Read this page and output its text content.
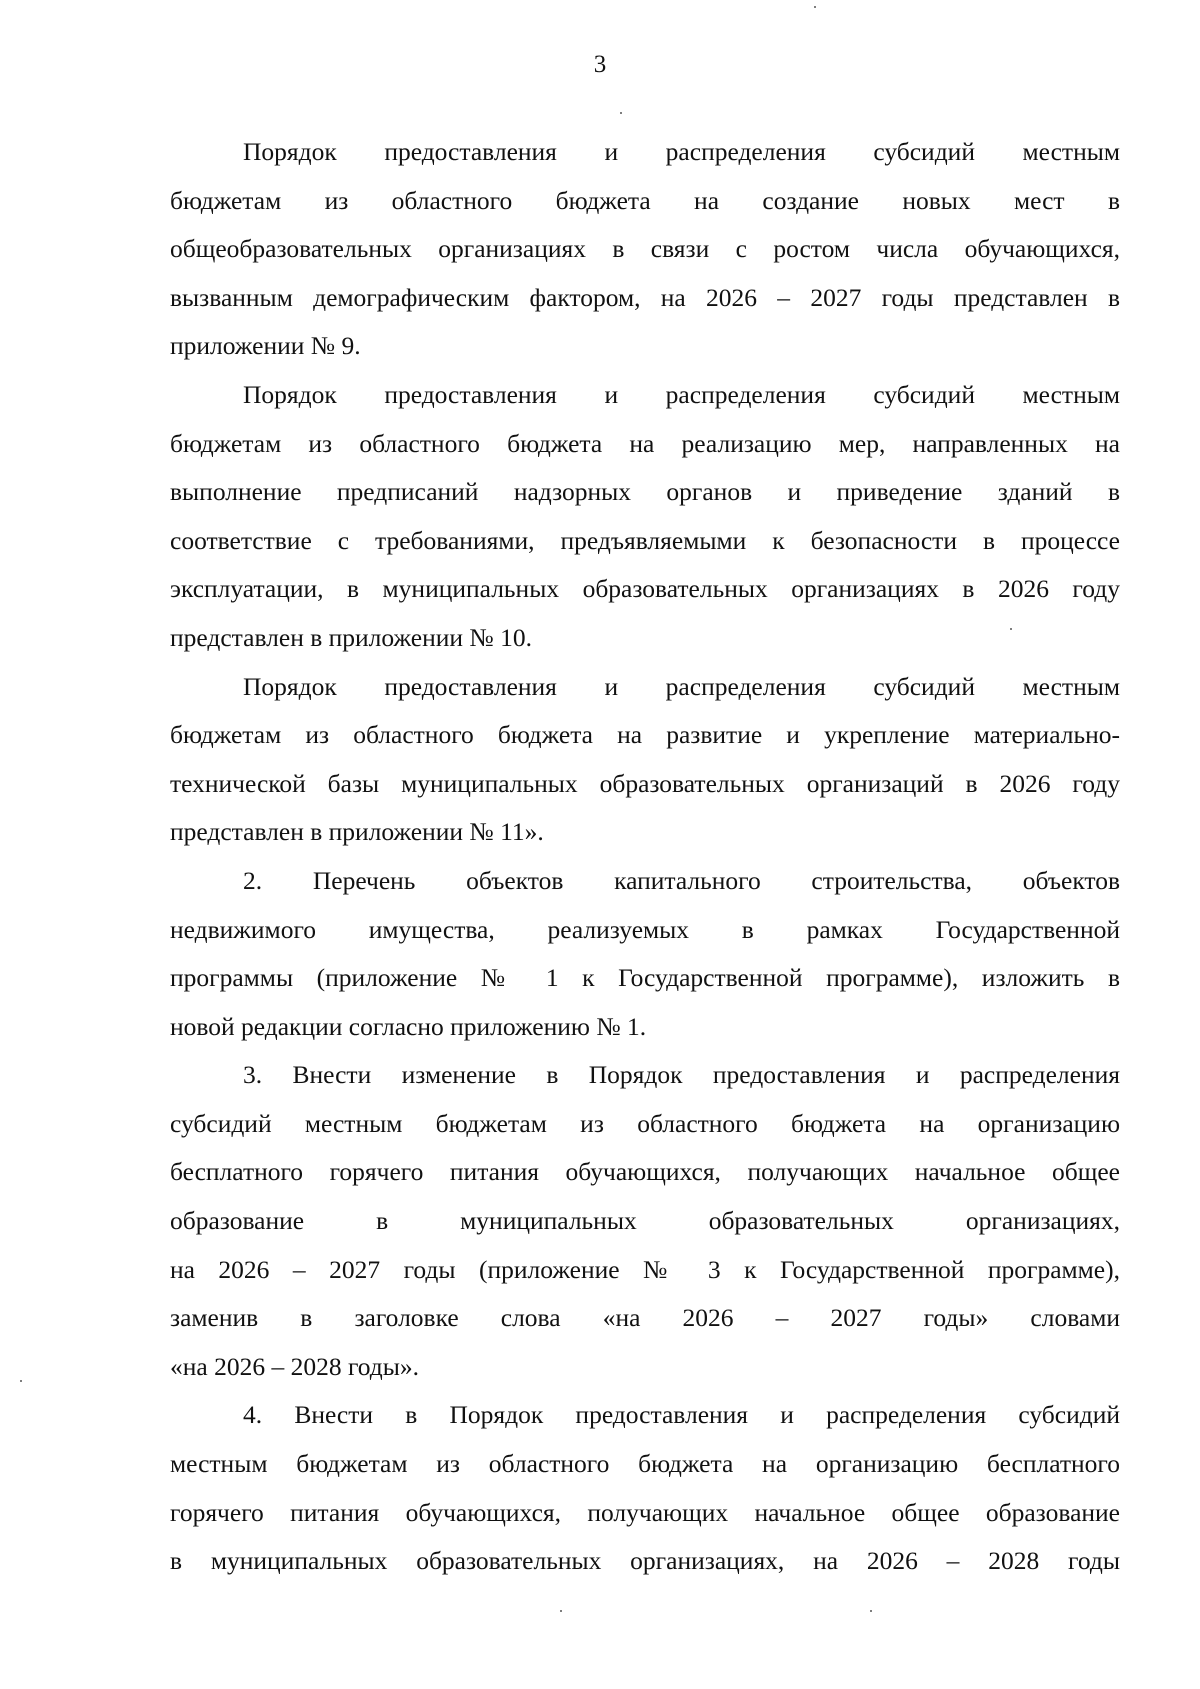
3
Порядок предоставления и распределения субсидий местным
бюджетам из областного бюджета на создание новых мест в
общеобразовательных организациях в связи с ростом числа обучающихся,
вызванным демографическим фактором, на 2026 – 2027 годы представлен в
приложении № 9.
Порядок предоставления и распределения субсидий местным
бюджетам из областного бюджета на реализацию мер, направленных на
выполнение предписаний надзорных органов и приведение зданий в
соответствие с требованиями, предъявляемыми к безопасности в процессе
эксплуатации, в муниципальных образовательных организациях в 2026 году
представлен в приложении № 10.
Порядок предоставления и распределения субсидий местным
бюджетам из областного бюджета на развитие и укрепление материально-
технической базы муниципальных образовательных организаций в 2026 году
представлен в приложении № 11».
2. Перечень объектов капитального строительства, объектов
недвижимого имущества, реализуемых в рамках Государственной
программы (приложение № 1 к Государственной программе), изложить в
новой редакции согласно приложению № 1.
3. Внести изменение в Порядок предоставления и распределения
субсидий местным бюджетам из областного бюджета на организацию
бесплатного горячего питания обучающихся, получающих начальное общее
образование в муниципальных образовательных организациях,
на 2026 – 2027 годы (приложение № 3 к Государственной программе),
заменив в заголовке слова «на 2026 – 2027 годы» словами
«на 2026 – 2028 годы».
4. Внести в Порядок предоставления и распределения субсидий
местным бюджетам из областного бюджета на организацию бесплатного
горячего питания обучающихся, получающих начальное общее образование
в муниципальных образовательных организациях, на 2026 – 2028 годы
